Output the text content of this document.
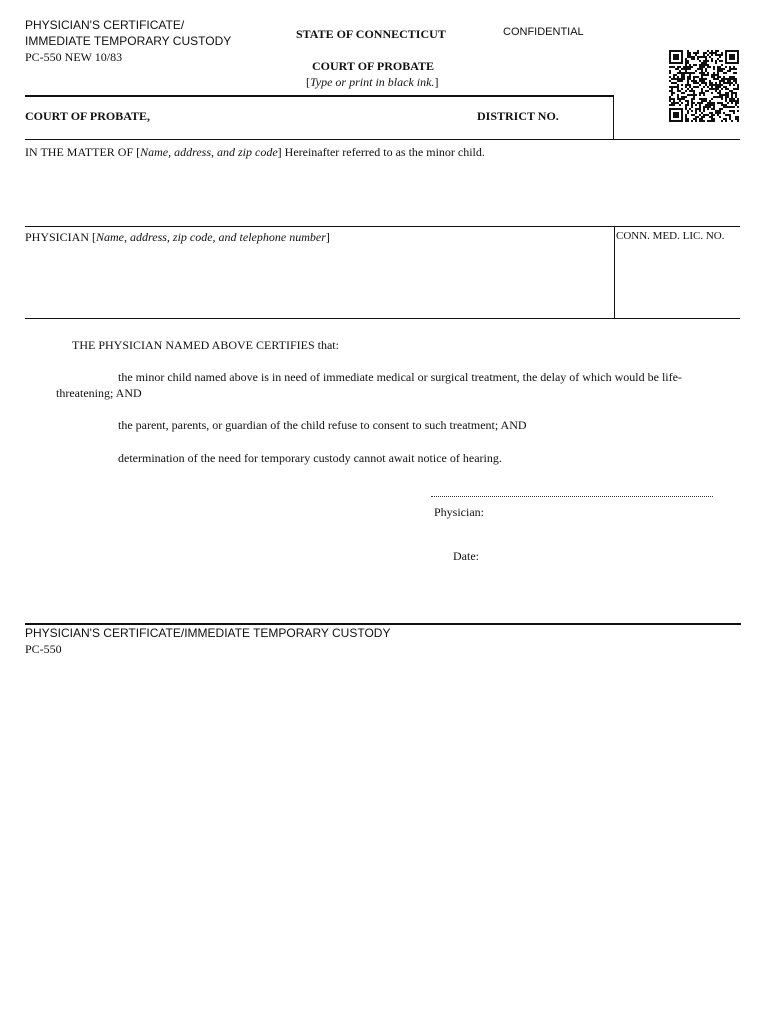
PHYSICIAN'S CERTIFICATE/
IMMEDIATE TEMPORARY CUSTODY
PC-550 NEW 10/83
STATE OF CONNECTICUT	CONFIDENTIAL
COURT OF PROBATE
[Type or print in black ink.]
COURT OF PROBATE,	DISTRICT NO.
IN THE MATTER OF [Name, address, and zip code] Hereinafter referred to as the minor child.
PHYSICIAN [Name, address, zip code, and telephone number]	CONN. MED. LIC. NO.
THE PHYSICIAN NAMED ABOVE CERTIFIES that:
the minor child named above is in need of immediate medical or surgical treatment, the delay of which would be life-
threatening; AND
the parent, parents, or guardian of the child refuse to consent to such treatment; AND
determination of the need for temporary custody cannot await notice of hearing.
Physician:
Date:
PHYSICIAN'S CERTIFICATE/IMMEDIATE TEMPORARY CUSTODY
PC-550
